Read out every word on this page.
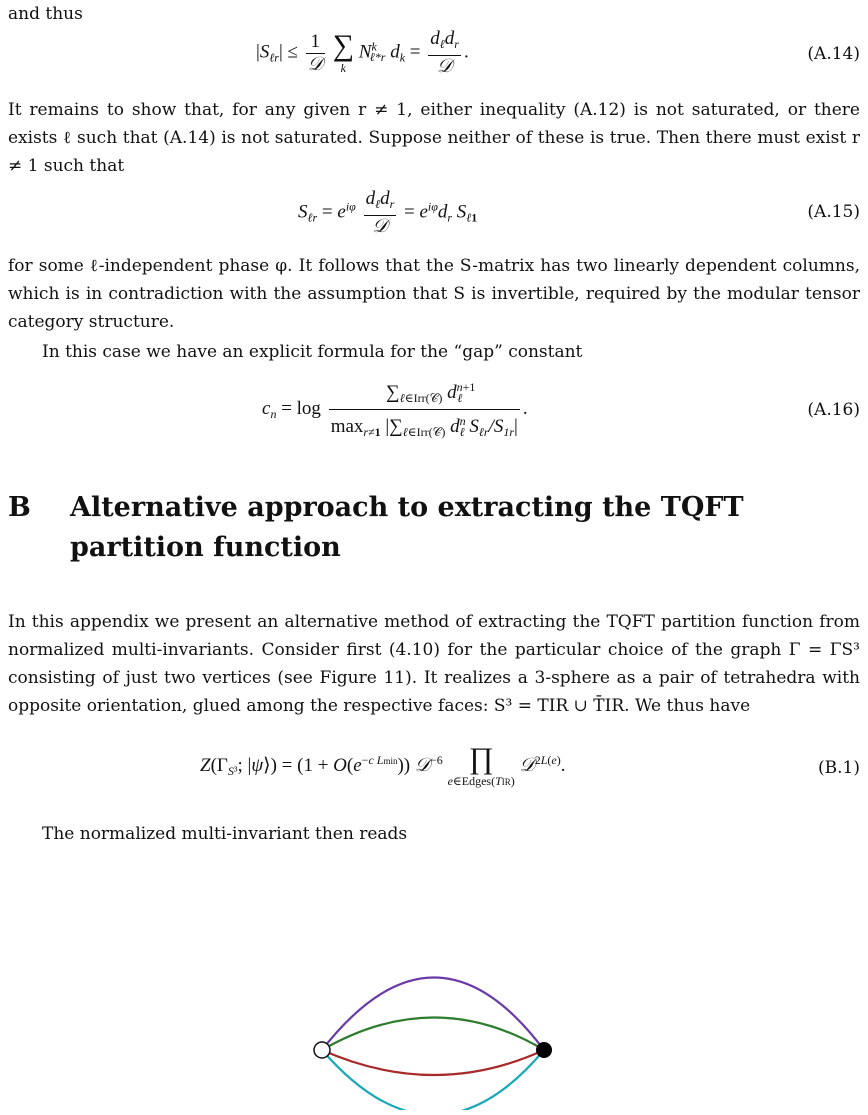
and thus

$|S_{\ell r}| \le \frac{1}{\text{𝒟}}$ ∑
k
$N^k_{\ell*r}$ $d_k = \frac{d_\ell d_r}{\text{𝒟}}$ .	(A.14)

It remains to show that, for any given r ≠ 1, either inequality (A.12) is not saturated, or there exists ℓ such that (A.14) is not saturated. Suppose neither of these is true. Then there must exist r ≠ 1 such that

$S_{\ell r} = e^{i\varphi} \frac{d_\ell d_r}{\text{𝒟}} = e^{i\varphi}d_r$ $S_{\ell 1}$	(A.15)

for some ℓ-independent phase φ. It follows that the S-matrix has two linearly dependent columns, which is in contradiction with the assumption that S is invertible, required by the modular tensor category structure.

In this case we have an explicit formula for the “gap” constant

$c_n = \log \frac{\sum_{\ell\in Irr(𝒞)} d^{n+1}_\ell}{\max_{r\ne 1} |\sum_{\ell\in Irr(𝒞)} d^n_\ell S_{\ell r}/S_{1r}|}$ .	(A.16)
B Alternative approach to extracting the TQFT partition function

In this appendix we present an alternative method of extracting the TQFT partition function from normalized multi-invariants. Consider first (4.10) for the particular choice of the graph Γ = ΓS³ consisting of just two vertices (see Figure 11). It realizes a 3-sphere as a pair of tetrahedra with opposite orientation, glued among the respective faces: S³ = TIR ∪ T̄IR. We thus have

$Z(\Gamma_{S^3}$; |ψ⟩) = $(1 + O(e^{-c Lmin}))$ 𝒟$^{-6}$ ∏
e∈Edges(TIR)
𝒟$^{2L(e)}$.	(B.1)

The normalized multi-invariant then reads
